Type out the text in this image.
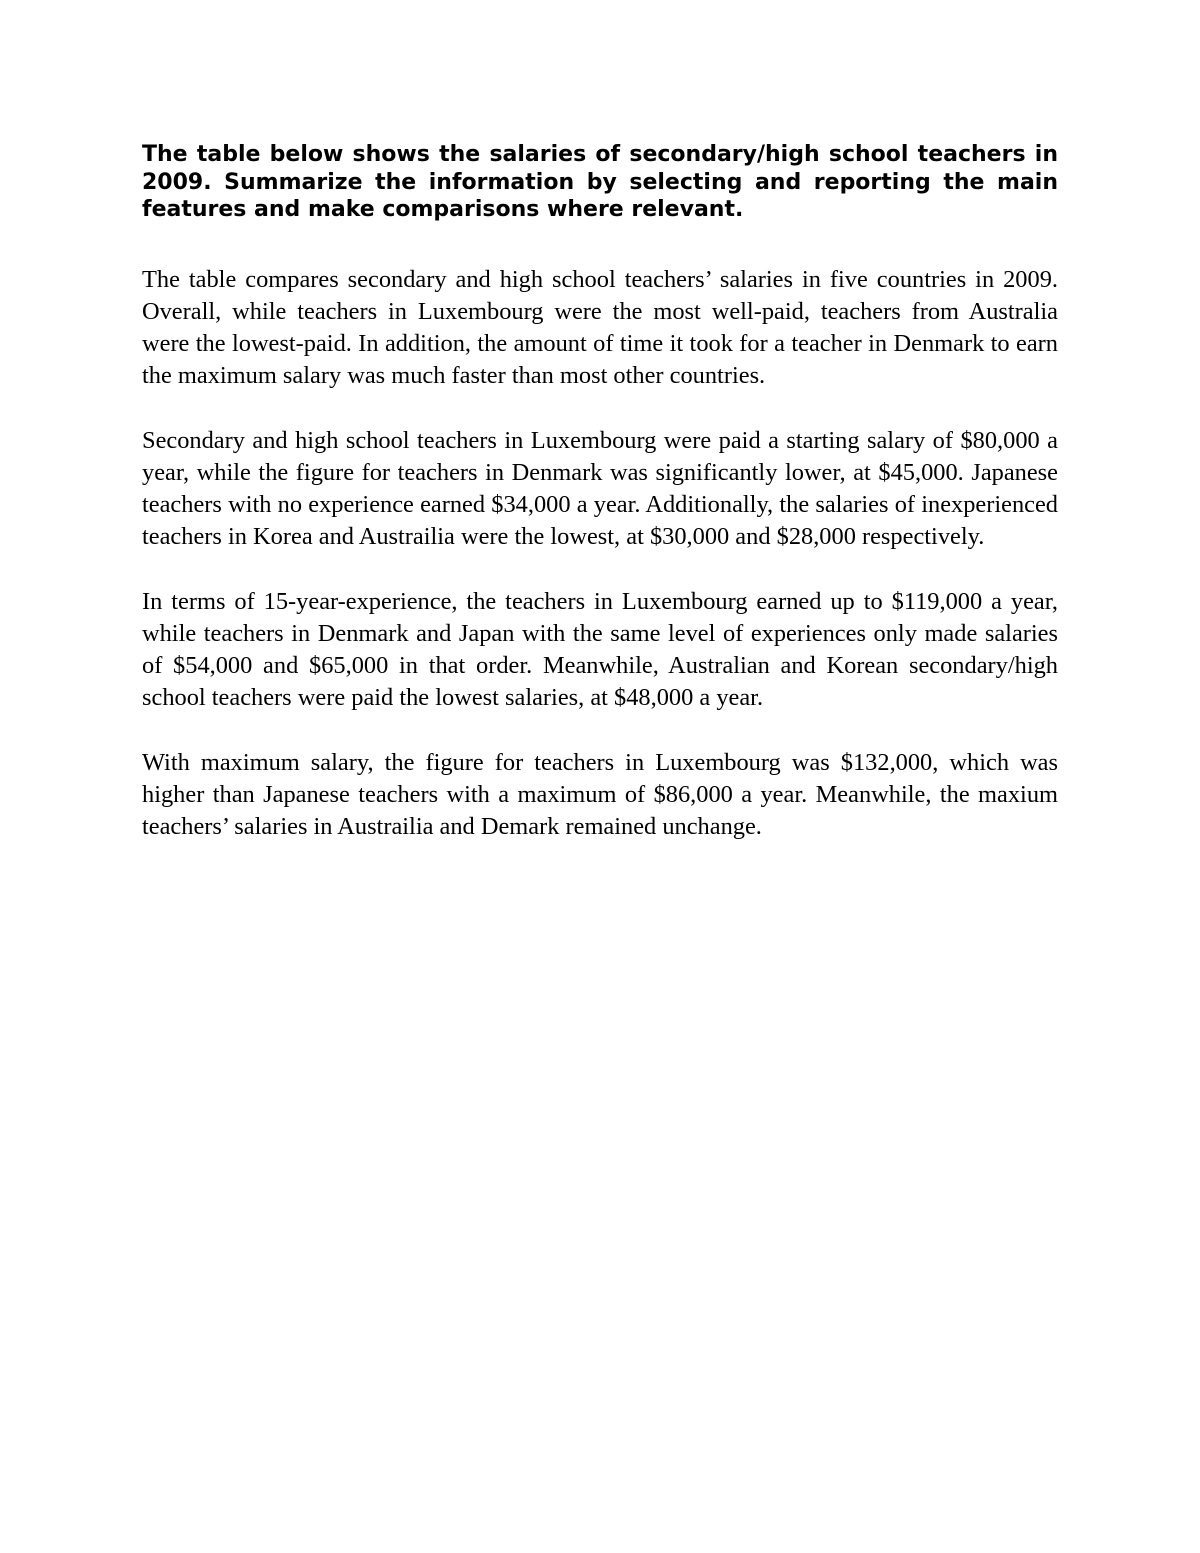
The table below shows the salaries of secondary/high school teachers in 2009. Summarize the information by selecting and reporting the main features and make comparisons where relevant.

The table compares secondary and high school teachers’ salaries in five countries in 2009. Overall, while teachers in Luxembourg were the most well-paid, teachers from Australia were the lowest-paid. In addition, the amount of time it took for a teacher in Denmark to earn the maximum salary was much faster than most other countries.

Secondary and high school teachers in Luxembourg were paid a starting salary of $80,000 a year, while the figure for teachers in Denmark was significantly lower, at $45,000. Japanese teachers with no experience earned $34,000 a year. Additionally, the salaries of inexperienced teachers in Korea and Austrailia were the lowest, at $30,000 and $28,000 respectively.

In terms of 15-year-experience, the teachers in Luxembourg earned up to $119,000 a year, while teachers in Denmark and Japan with the same level of experiences only made salaries of $54,000 and $65,000 in that order. Meanwhile, Australian and Korean secondary/high school teachers were paid the lowest salaries, at $48,000 a year.

With maximum salary, the figure for teachers in Luxembourg was $132,000, which was higher than Japanese teachers with a maximum of $86,000 a year. Meanwhile, the maxium teachers’ salaries in Austrailia and Demark remained unchange.
